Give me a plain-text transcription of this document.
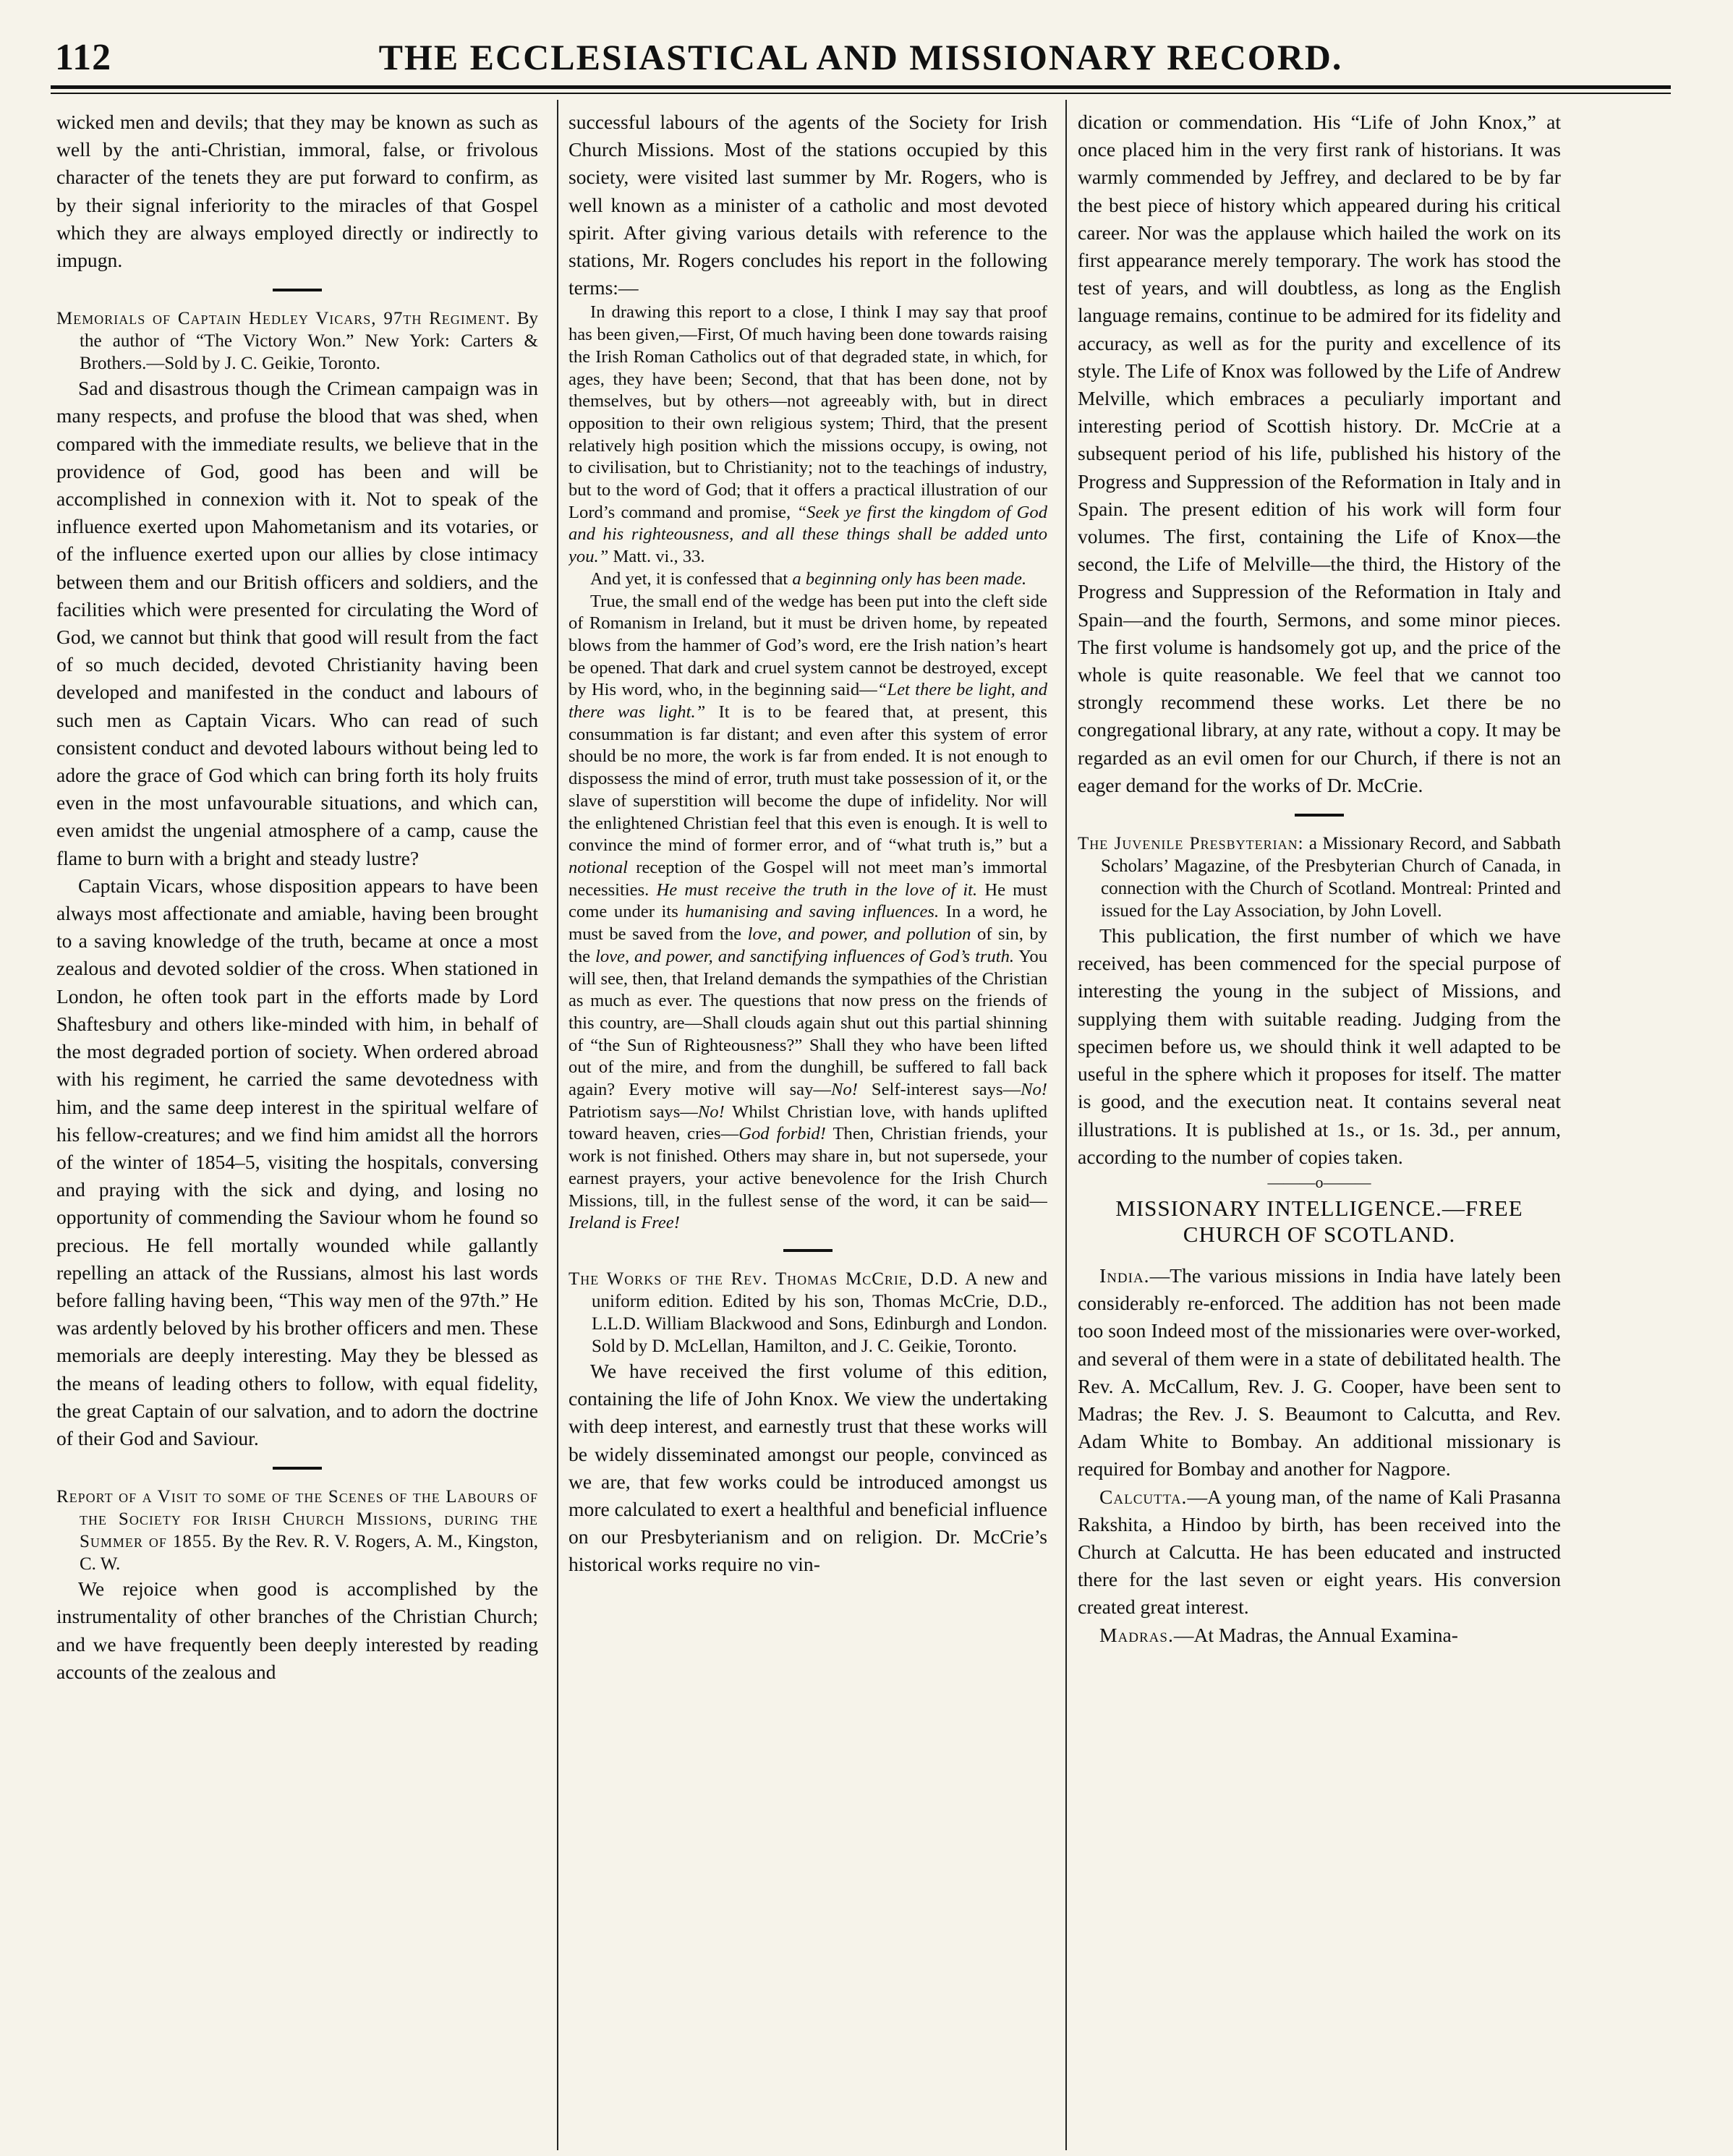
112	THE ECCLESIASTICAL AND MISSIONARY RECORD.

wicked men and devils; that they may be known as such as well by the anti-Christian, immoral, false, or frivolous character of the tenets they are put forward to confirm, as by their signal inferiority to the miracles of that Gospel which they are always employed directly or indirectly to impugn.

Memorials of Captain Hedley Vicars, 97th Regiment. By the author of “The Victory Won.” New York: Carters & Brothers.—Sold by J. C. Geikie, Toronto.

Sad and disastrous though the Crimean campaign was in many respects, and profuse the blood that was shed, when compared with the immediate results, we believe that in the providence of God, good has been and will be accomplished in connexion with it. Not to speak of the influence exerted upon Mahometanism and its votaries, or of the influence exerted upon our allies by close intimacy between them and our British officers and soldiers, and the facilities which were presented for circulating the Word of God, we cannot but think that good will result from the fact of so much decided, devoted Christianity having been developed and manifested in the conduct and labours of such men as Captain Vicars. Who can read of such consistent conduct and devoted labours without being led to adore the grace of God which can bring forth its holy fruits even in the most unfavourable situations, and which can, even amidst the ungenial atmosphere of a camp, cause the flame to burn with a bright and steady lustre?

Captain Vicars, whose disposition appears to have been always most affectionate and amiable, having been brought to a saving knowledge of the truth, became at once a most zealous and devoted soldier of the cross. When stationed in London, he often took part in the efforts made by Lord Shaftesbury and others like-minded with him, in behalf of the most degraded portion of society. When ordered abroad with his regiment, he carried the same devotedness with him, and the same deep interest in the spiritual welfare of his fellow-creatures; and we find him amidst all the horrors of the winter of 1854–5, visiting the hospitals, conversing and praying with the sick and dying, and losing no opportunity of commending the Saviour whom he found so precious. He fell mortally wounded while gallantly repelling an attack of the Russians, almost his last words before falling having been, “This way men of the 97th.” He was ardently beloved by his brother officers and men. These memorials are deeply interesting. May they be blessed as the means of leading others to follow, with equal fidelity, the great Captain of our salvation, and to adorn the doctrine of their God and Saviour.

Report of a Visit to some of the Scenes of the Labours of the Society for Irish Church Missions, during the Summer of 1855. By the Rev. R. V. Rogers, A. M., Kingston, C. W.

We rejoice when good is accomplished by the instrumentality of other branches of the Christian Church; and we have frequently been deeply interested by reading accounts of the zealous and

successful labours of the agents of the Society for Irish Church Missions. Most of the stations occupied by this society, were visited last summer by Mr. Rogers, who is well known as a minister of a catholic and most devoted spirit. After giving various details with reference to the stations, Mr. Rogers concludes his report in the following terms:—

In drawing this report to a close, I think I may say that proof has been given,—First, Of much having been done towards raising the Irish Roman Catholics out of that degraded state, in which, for ages, they have been; Second, that that has been done, not by themselves, but by others—not agreeably with, but in direct opposition to their own religious system; Third, that the present relatively high position which the missions occupy, is owing, not to civilisation, but to Christianity; not to the teachings of industry, but to the word of God; that it offers a practical illustration of our Lord’s command and promise, “Seek ye first the kingdom of God and his righteousness, and all these things shall be added unto you.” Matt. vi., 33.

And yet, it is confessed that a beginning only has been made.

True, the small end of the wedge has been put into the cleft side of Romanism in Ireland, but it must be driven home, by repeated blows from the hammer of God’s word, ere the Irish nation’s heart be opened. That dark and cruel system cannot be destroyed, except by His word, who, in the beginning said—“Let there be light, and there was light.” It is to be feared that, at present, this consummation is far distant; and even after this system of error should be no more, the work is far from ended. It is not enough to dispossess the mind of error, truth must take possession of it, or the slave of superstition will become the dupe of infidelity. Nor will the enlightened Christian feel that this even is enough. It is well to convince the mind of former error, and of “what truth is,” but a notional reception of the Gospel will not meet man’s immortal necessities. He must receive the truth in the love of it. He must come under its humanising and saving influences. In a word, he must be saved from the love, and power, and pollution of sin, by the love, and power, and sanctifying influences of God’s truth. You will see, then, that Ireland demands the sympathies of the Christian as much as ever. The questions that now press on the friends of this country, are—Shall clouds again shut out this partial shinning of “the Sun of Righteousness?” Shall they who have been lifted out of the mire, and from the dunghill, be suffered to fall back again? Every motive will say—No! Self-interest says—No! Patriotism says—No! Whilst Christian love, with hands uplifted toward heaven, cries—God forbid! Then, Christian friends, your work is not finished. Others may share in, but not supersede, your earnest prayers, your active benevolence for the Irish Church Missions, till, in the fullest sense of the word, it can be said—Ireland is Free!

The Works of the Rev. Thomas McCrie, D.D. A new and uniform edition. Edited by his son, Thomas McCrie, D.D., L.L.D. William Blackwood and Sons, Edinburgh and London. Sold by D. McLellan, Hamilton, and J. C. Geikie, Toronto.

We have received the first volume of this edition, containing the life of John Knox. We view the undertaking with deep interest, and earnestly trust that these works will be widely disseminated amongst our people, convinced as we are, that few works could be introduced amongst us more calculated to exert a healthful and beneficial influence on our Presbyterianism and on religion. Dr. McCrie’s historical works require no vin-

dication or commendation. His “Life of John Knox,” at once placed him in the very first rank of historians. It was warmly commended by Jeffrey, and declared to be by far the best piece of history which appeared during his critical career. Nor was the applause which hailed the work on its first appearance merely temporary. The work has stood the test of years, and will doubtless, as long as the English language remains, continue to be admired for its fidelity and accuracy, as well as for the purity and excellence of its style. The Life of Knox was followed by the Life of Andrew Melville, which embraces a peculiarly important and interesting period of Scottish history. Dr. McCrie at a subsequent period of his life, published his history of the Progress and Suppression of the Reformation in Italy and in Spain. The present edition of his work will form four volumes. The first, containing the Life of Knox—the second, the Life of Melville—the third, the History of the Progress and Suppression of the Reformation in Italy and Spain—and the fourth, Sermons, and some minor pieces. The first volume is handsomely got up, and the price of the whole is quite reasonable. We feel that we cannot too strongly recommend these works. Let there be no congregational library, at any rate, without a copy. It may be regarded as an evil omen for our Church, if there is not an eager demand for the works of Dr. McCrie.

The Juvenile Presbyterian: a Missionary Record, and Sabbath Scholars’ Magazine, of the Presbyterian Church of Canada, in connection with the Church of Scotland. Montreal: Printed and issued for the Lay Association, by John Lovell.

This publication, the first number of which we have received, has been commenced for the special purpose of interesting the young in the subject of Missions, and supplying them with suitable reading. Judging from the specimen before us, we should think it well adapted to be useful in the sphere which it proposes for itself. The matter is good, and the execution neat. It contains several neat illustrations. It is published at 1s., or 1s. 3d., per annum, according to the number of copies taken.

———o———
MISSIONARY INTELLIGENCE.—FREE
CHURCH OF SCOTLAND.

India.—The various missions in India have lately been considerably re-enforced. The addition has not been made too soon Indeed most of the missionaries were over-worked, and several of them were in a state of debilitated health. The Rev. A. McCallum, Rev. J. G. Cooper, have been sent to Madras; the Rev. J. S. Beaumont to Calcutta, and Rev. Adam White to Bombay. An additional missionary is required for Bombay and another for Nagpore.

Calcutta.—A young man, of the name of Kali Prasanna Rakshita, a Hindoo by birth, has been received into the Church at Calcutta. He has been educated and instructed there for the last seven or eight years. His conversion created great interest.

Madras.—At Madras, the Annual Examina-
